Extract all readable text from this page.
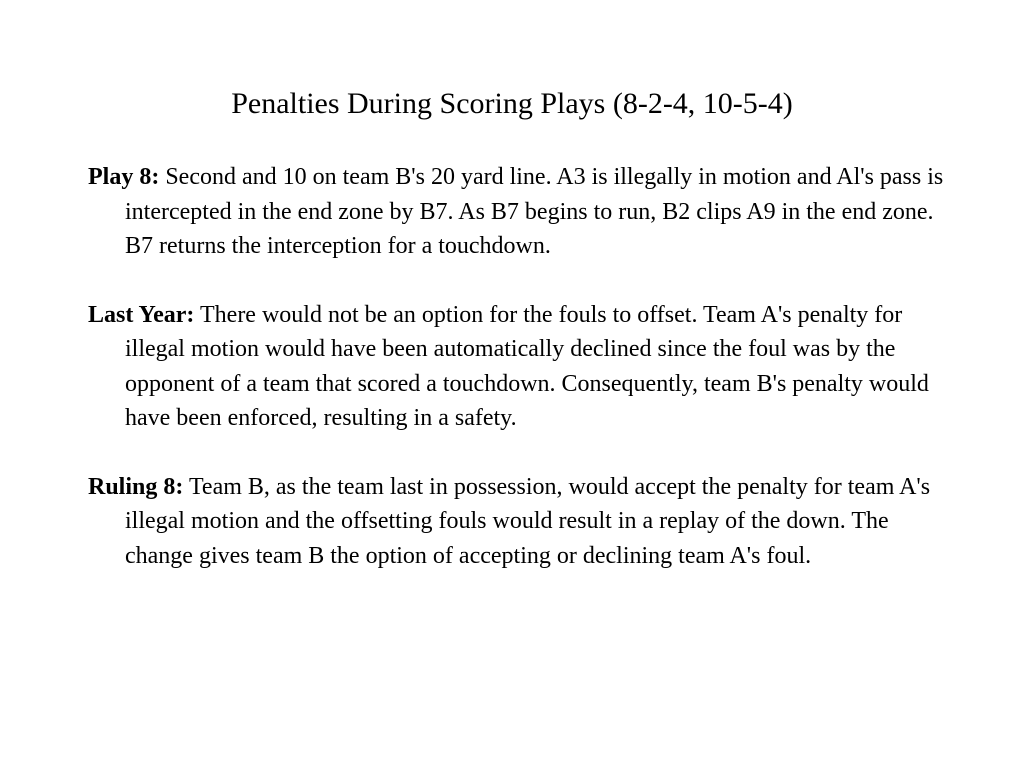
Penalties During Scoring Plays (8-2-4, 10-5-4)

Play 8: Second and 10 on team B's 20 yard line. A3 is illegally in motion and Al's pass is intercepted in the end zone by B7. As B7 begins to run, B2 clips A9 in the end zone. B7 returns the interception for a touchdown.

Last Year: There would not be an option for the fouls to offset. Team A's penalty for illegal motion would have been automatically declined since the foul was by the opponent of a team that scored a touchdown. Consequently, team B's penalty would have been enforced, resulting in a safety.

Ruling 8: Team B, as the team last in possession, would accept the penalty for team A's illegal motion and the offsetting fouls would result in a replay of the down. The change gives team B the option of accepting or declining team A's foul.
